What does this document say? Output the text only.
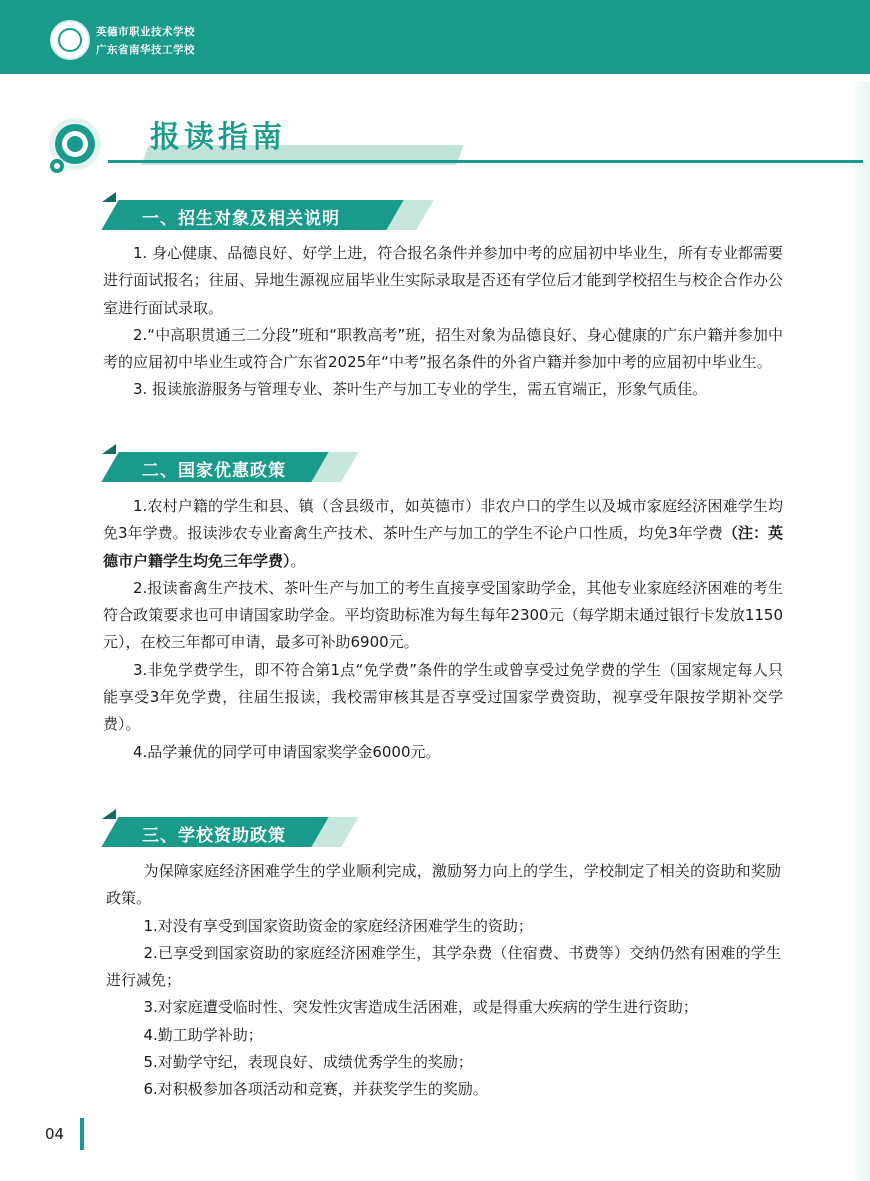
英德市职业技术学校
广东省南华技工学校
报读指南
一、招生对象及相关说明
1. 身心健康、品德良好、好学上进，符合报名条件并参加中考的应届初中毕业生，所有专业都需要进行面试报名；往届、异地生源视应届毕业生实际录取是否还有学位后才能到学校招生与校企合作办公室进行面试录取。
2.“中高职贯通三二分段”班和“职教高考”班，招生对象为品德良好、身心健康的广东户籍并参加中考的应届初中毕业生或符合广东省2025年“中考”报名条件的外省户籍并参加中考的应届初中毕业生。
3. 报读旅游服务与管理专业、茶叶生产与加工专业的学生，需五官端正，形象气质佳。
二、国家优惠政策
1.农村户籍的学生和县、镇（含县级市，如英德市）非农户口的学生以及城市家庭经济困难学生均免3年学费。报读涉农专业畜禽生产技术、茶叶生产与加工的学生不论户口性质，均免3年学费（注：英德市户籍学生均免三年学费）。
2.报读畜禽生产技术、茶叶生产与加工的考生直接享受国家助学金，其他专业家庭经济困难的考生符合政策要求也可申请国家助学金。平均资助标准为每生每年2300元（每学期末通过银行卡发放1150元），在校三年都可申请，最多可补助6900元。
3.非免学费学生，即不符合第1点“免学费”条件的学生或曾享受过免学费的学生（国家规定每人只能享受3年免学费，往届生报读，我校需审核其是否享受过国家学费资助，视享受年限按学期补交学费）。
4.品学兼优的同学可申请国家奖学金6000元。
三、学校资助政策
为保障家庭经济困难学生的学业顺利完成，激励努力向上的学生，学校制定了相关的资助和奖励政策。
1.对没有享受到国家资助资金的家庭经济困难学生的资助；
2.已享受到国家资助的家庭经济困难学生，其学杂费（住宿费、书费等）交纳仍然有困难的学生进行减免；
3.对家庭遭受临时性、突发性灾害造成生活困难，或是得重大疾病的学生进行资助；
4.勤工助学补助；
5.对勤学守纪，表现良好、成绩优秀学生的奖励；
6.对积极参加各项活动和竞赛，并获奖学生的奖励。
04
